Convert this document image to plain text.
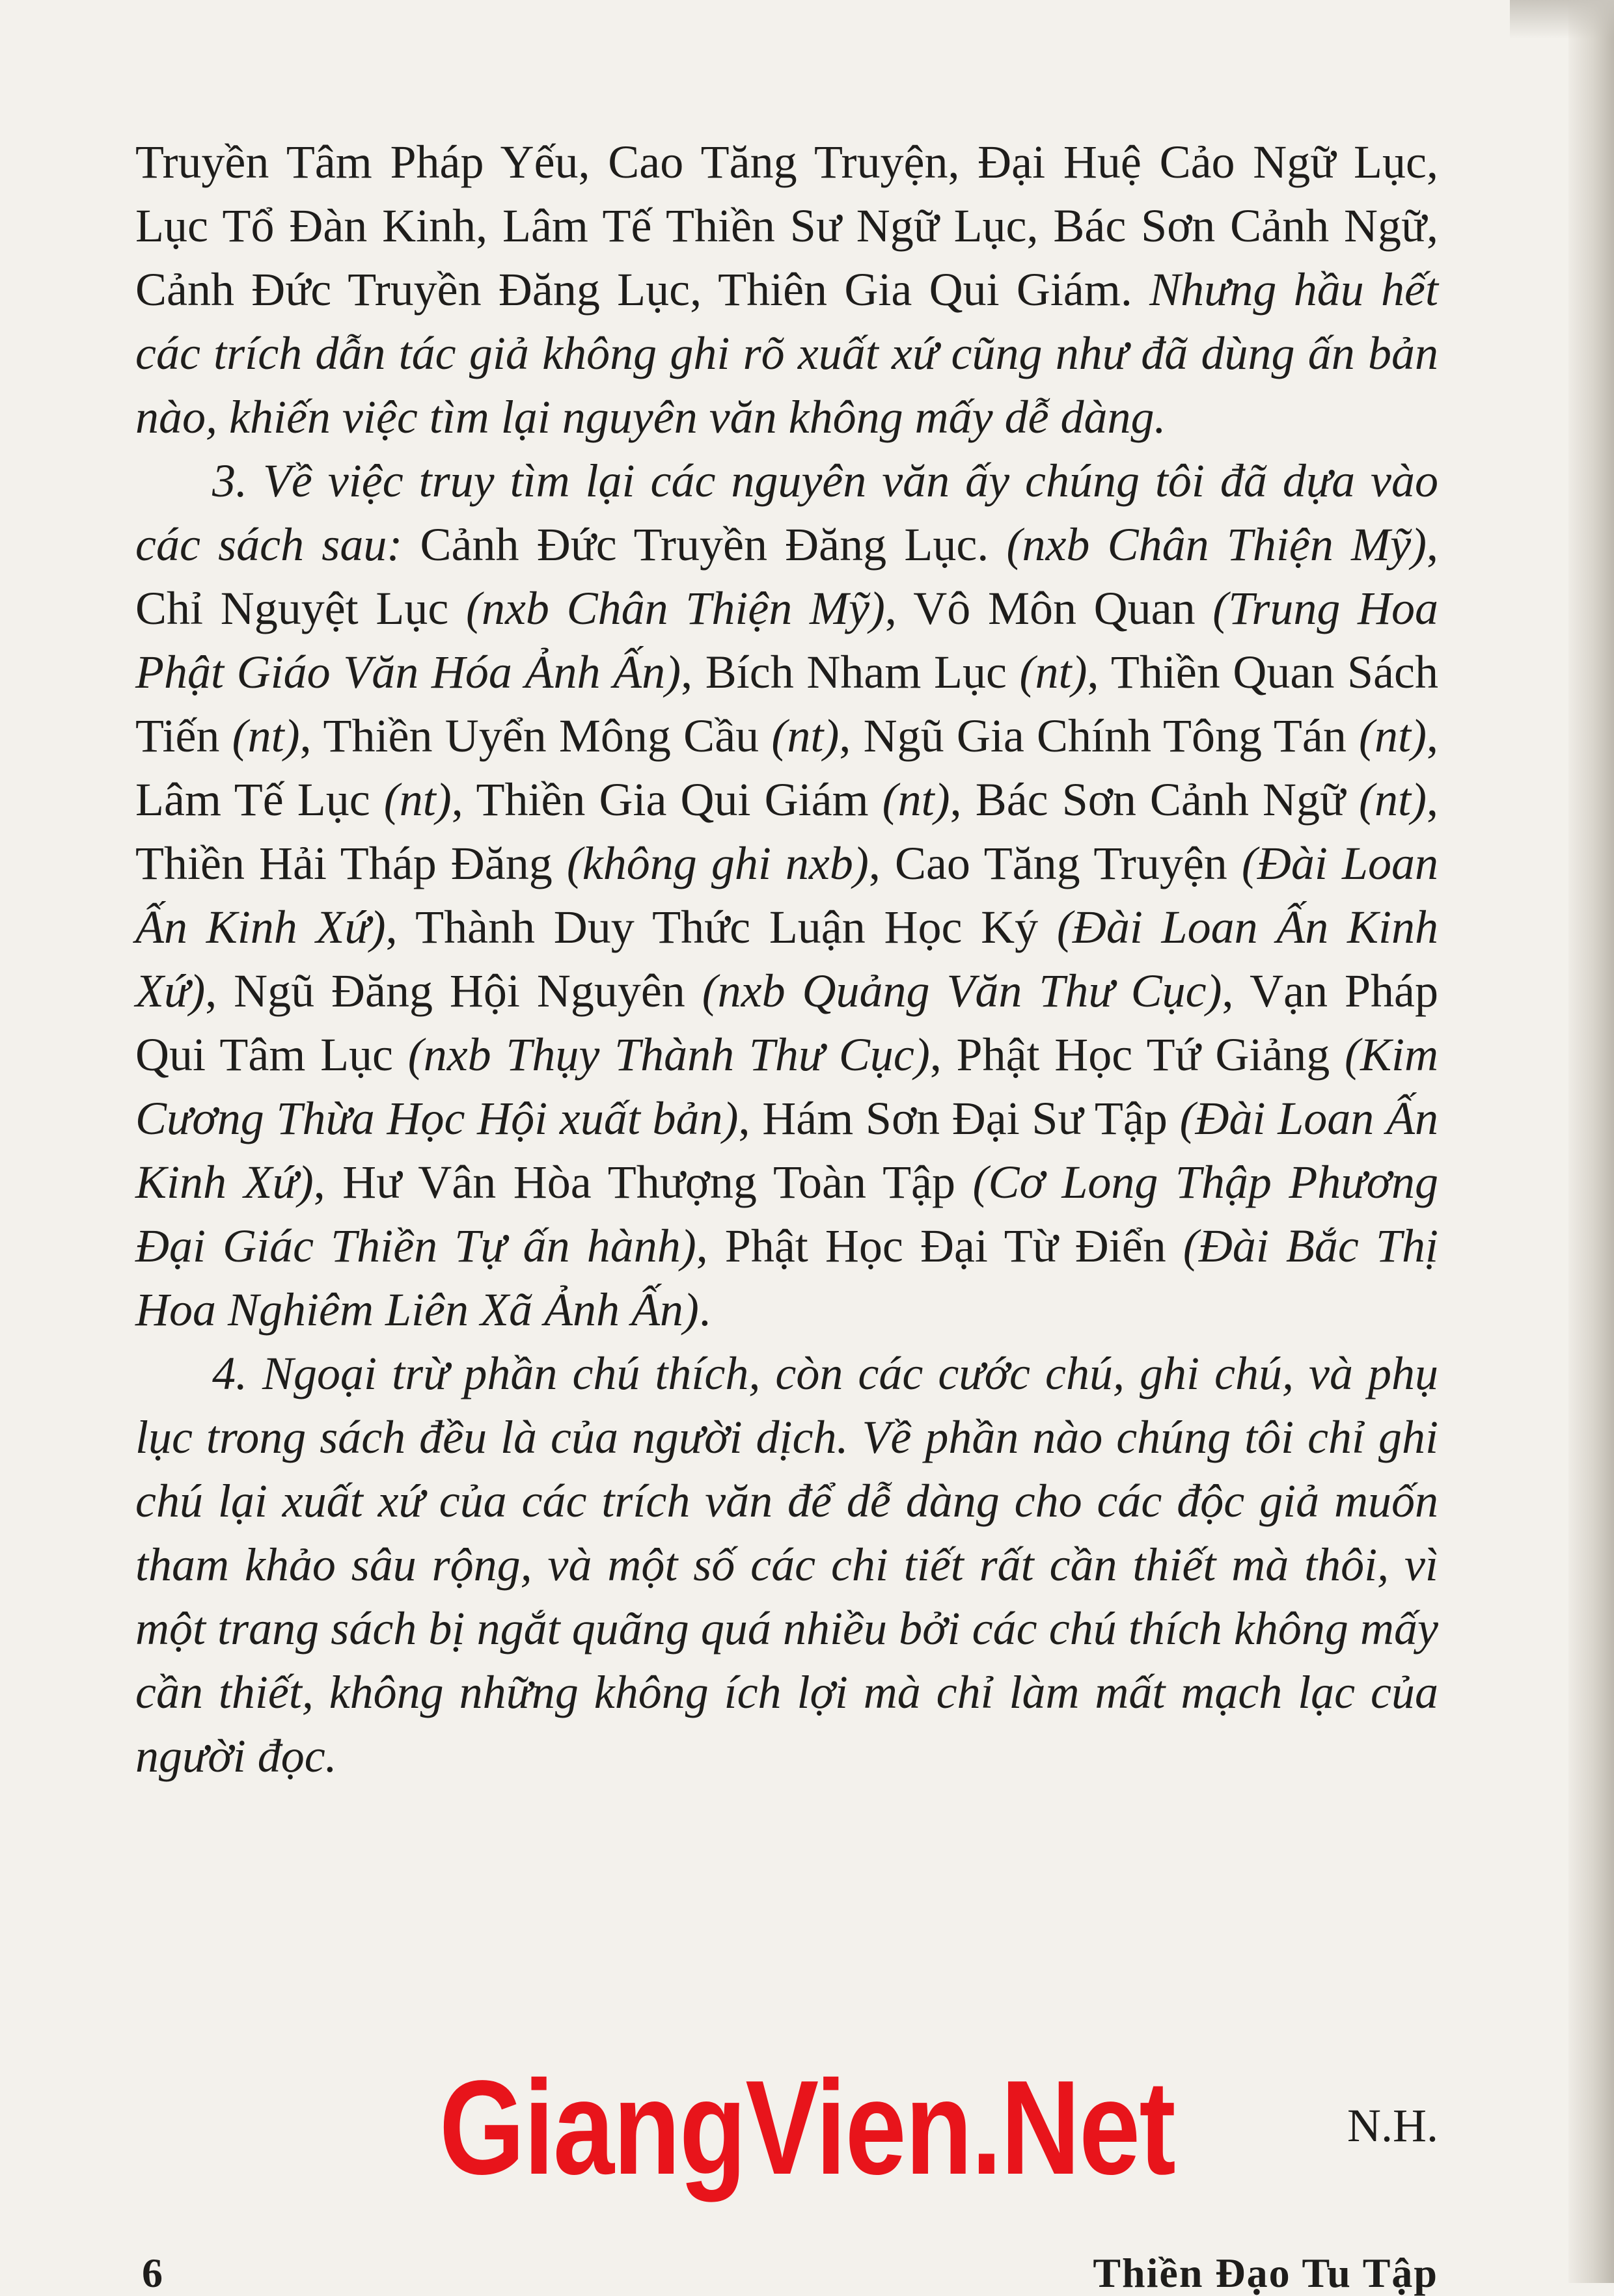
Truyền Tâm Pháp Yếu, Cao Tăng Truyện, Đại Huệ Cảo Ngữ Lục, Lục Tổ Đàn Kinh, Lâm Tế Thiền Sư Ngữ Lục, Bác Sơn Cảnh Ngữ, Cảnh Đức Truyền Đăng Lục, Thiên Gia Qui Giám. Nhưng hầu hết các trích dẫn tác giả không ghi rõ xuất xứ cũng như đã dùng ấn bản nào, khiến việc tìm lại nguyên văn không mấy dễ dàng.

3. Về việc truy tìm lại các nguyên văn ấy chúng tôi đã dựa vào các sách sau: Cảnh Đức Truyền Đăng Lục. (nxb Chân Thiện Mỹ), Chỉ Nguyệt Lục (nxb Chân Thiện Mỹ), Vô Môn Quan (Trung Hoa Phật Giáo Văn Hóa Ảnh Ấn), Bích Nham Lục (nt), Thiền Quan Sách Tiến (nt), Thiền Uyển Mông Cầu (nt), Ngũ Gia Chính Tông Tán (nt), Lâm Tế Lục (nt), Thiền Gia Qui Giám (nt), Bác Sơn Cảnh Ngữ (nt), Thiền Hải Tháp Đăng (không ghi nxb), Cao Tăng Truyện (Đài Loan Ấn Kinh Xứ), Thành Duy Thức Luận Học Ký (Đài Loan Ấn Kinh Xứ), Ngũ Đăng Hội Nguyên (nxb Quảng Văn Thư Cục), Vạn Pháp Qui Tâm Lục (nxb Thụy Thành Thư Cục), Phật Học Tứ Giảng (Kim Cương Thừa Học Hội xuất bản), Hám Sơn Đại Sư Tập (Đài Loan Ấn Kinh Xứ), Hư Vân Hòa Thượng Toàn Tập (Cơ Long Thập Phương Đại Giác Thiền Tự ấn hành), Phật Học Đại Từ Điển (Đài Bắc Thị Hoa Nghiêm Liên Xã Ảnh Ấn).

4. Ngoại trừ phần chú thích, còn các cước chú, ghi chú, và phụ lục trong sách đều là của người dịch. Về phần nào chúng tôi chỉ ghi chú lại xuất xứ của các trích văn để dễ dàng cho các độc giả muốn tham khảo sâu rộng, và một số các chi tiết rất cần thiết mà thôi, vì một trang sách bị ngắt quãng quá nhiều bởi các chú thích không mấy cần thiết, không những không ích lợi mà chỉ làm mất mạch lạc của người đọc.

N.H.
GiangVien.Net
6	Thiền Đạo Tu Tập
